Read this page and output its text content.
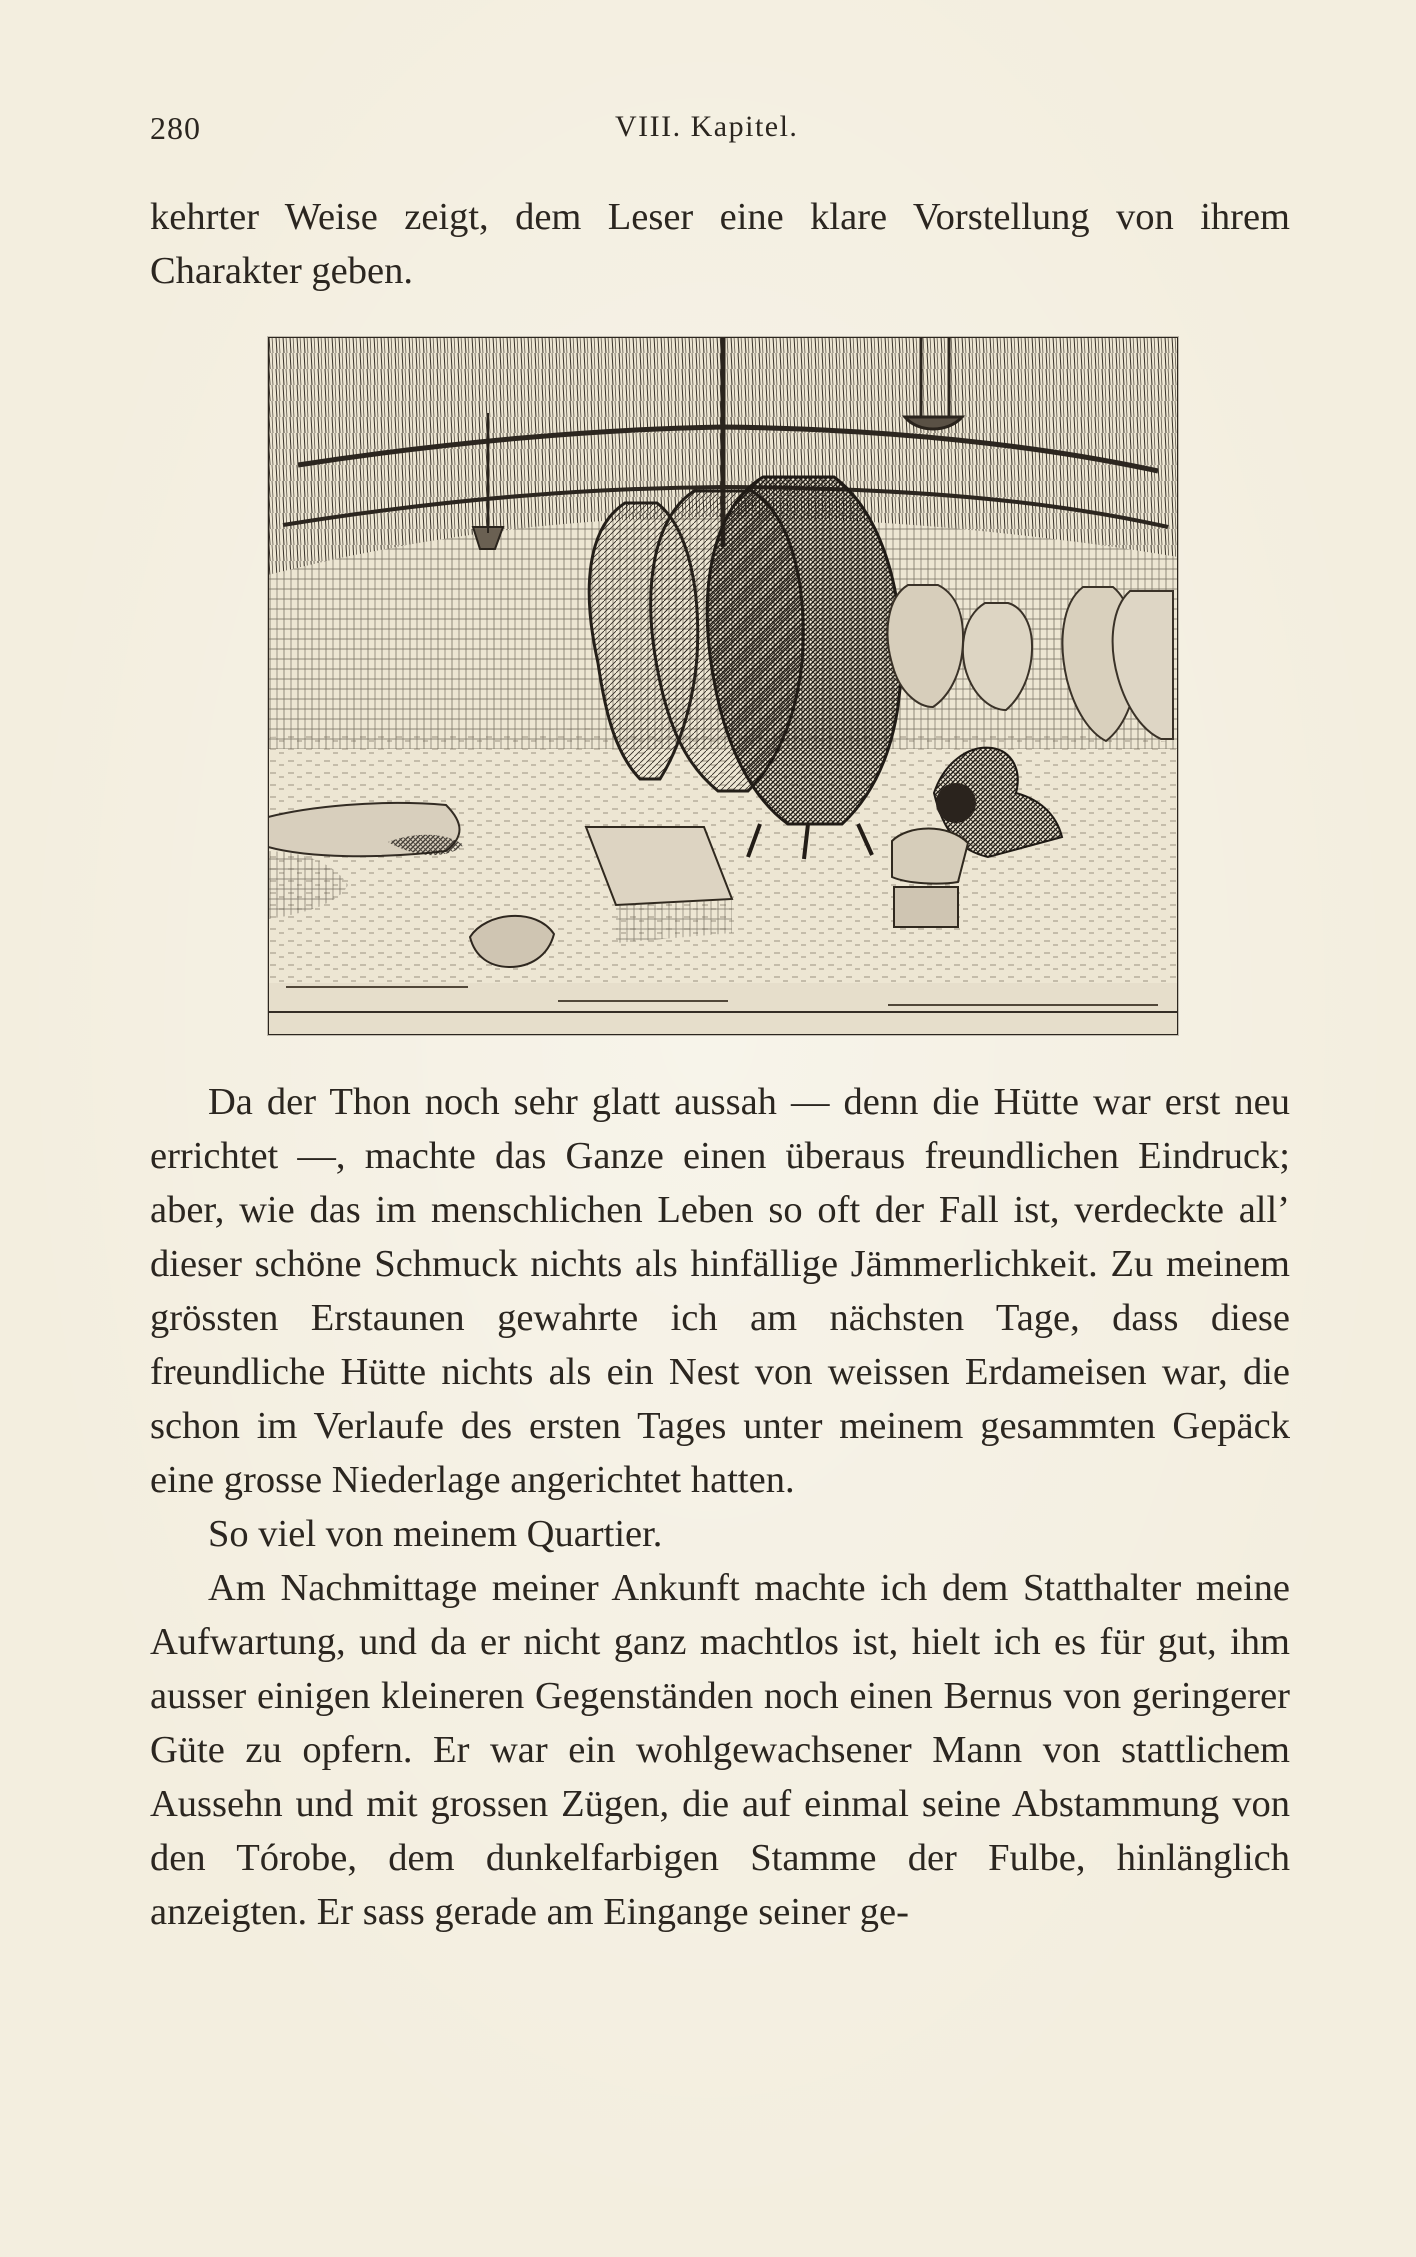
280	VIII. Kapitel.

kehrter Weise zeigt, dem Leser eine klare Vorstellung von ihrem Charakter geben.

Da der Thon noch sehr glatt aussah — denn die Hütte war erst neu errichtet —, machte das Ganze einen überaus freundlichen Eindruck; aber, wie das im menschlichen Leben so oft der Fall ist, verdeckte all’ dieser schöne Schmuck nichts als hinfällige Jämmerlichkeit. Zu meinem grössten Erstaunen gewahrte ich am nächsten Tage, dass diese freundliche Hütte nichts als ein Nest von weissen Erdameisen war, die schon im Verlaufe des ersten Tages unter meinem gesammten Gepäck eine grosse Niederlage angerichtet hatten.

So viel von meinem Quartier.

Am Nachmittage meiner Ankunft machte ich dem Statthalter meine Aufwartung, und da er nicht ganz machtlos ist, hielt ich es für gut, ihm ausser einigen kleineren Gegenständen noch einen Bernus von geringerer Güte zu opfern. Er war ein wohlgewachsener Mann von stattlichem Aussehn und mit grossen Zügen, die auf einmal seine Abstammung von den Tórobe, dem dunkelfarbigen Stamme der Fulbe, hinlänglich anzeigten. Er sass gerade am Eingange seiner ge-
